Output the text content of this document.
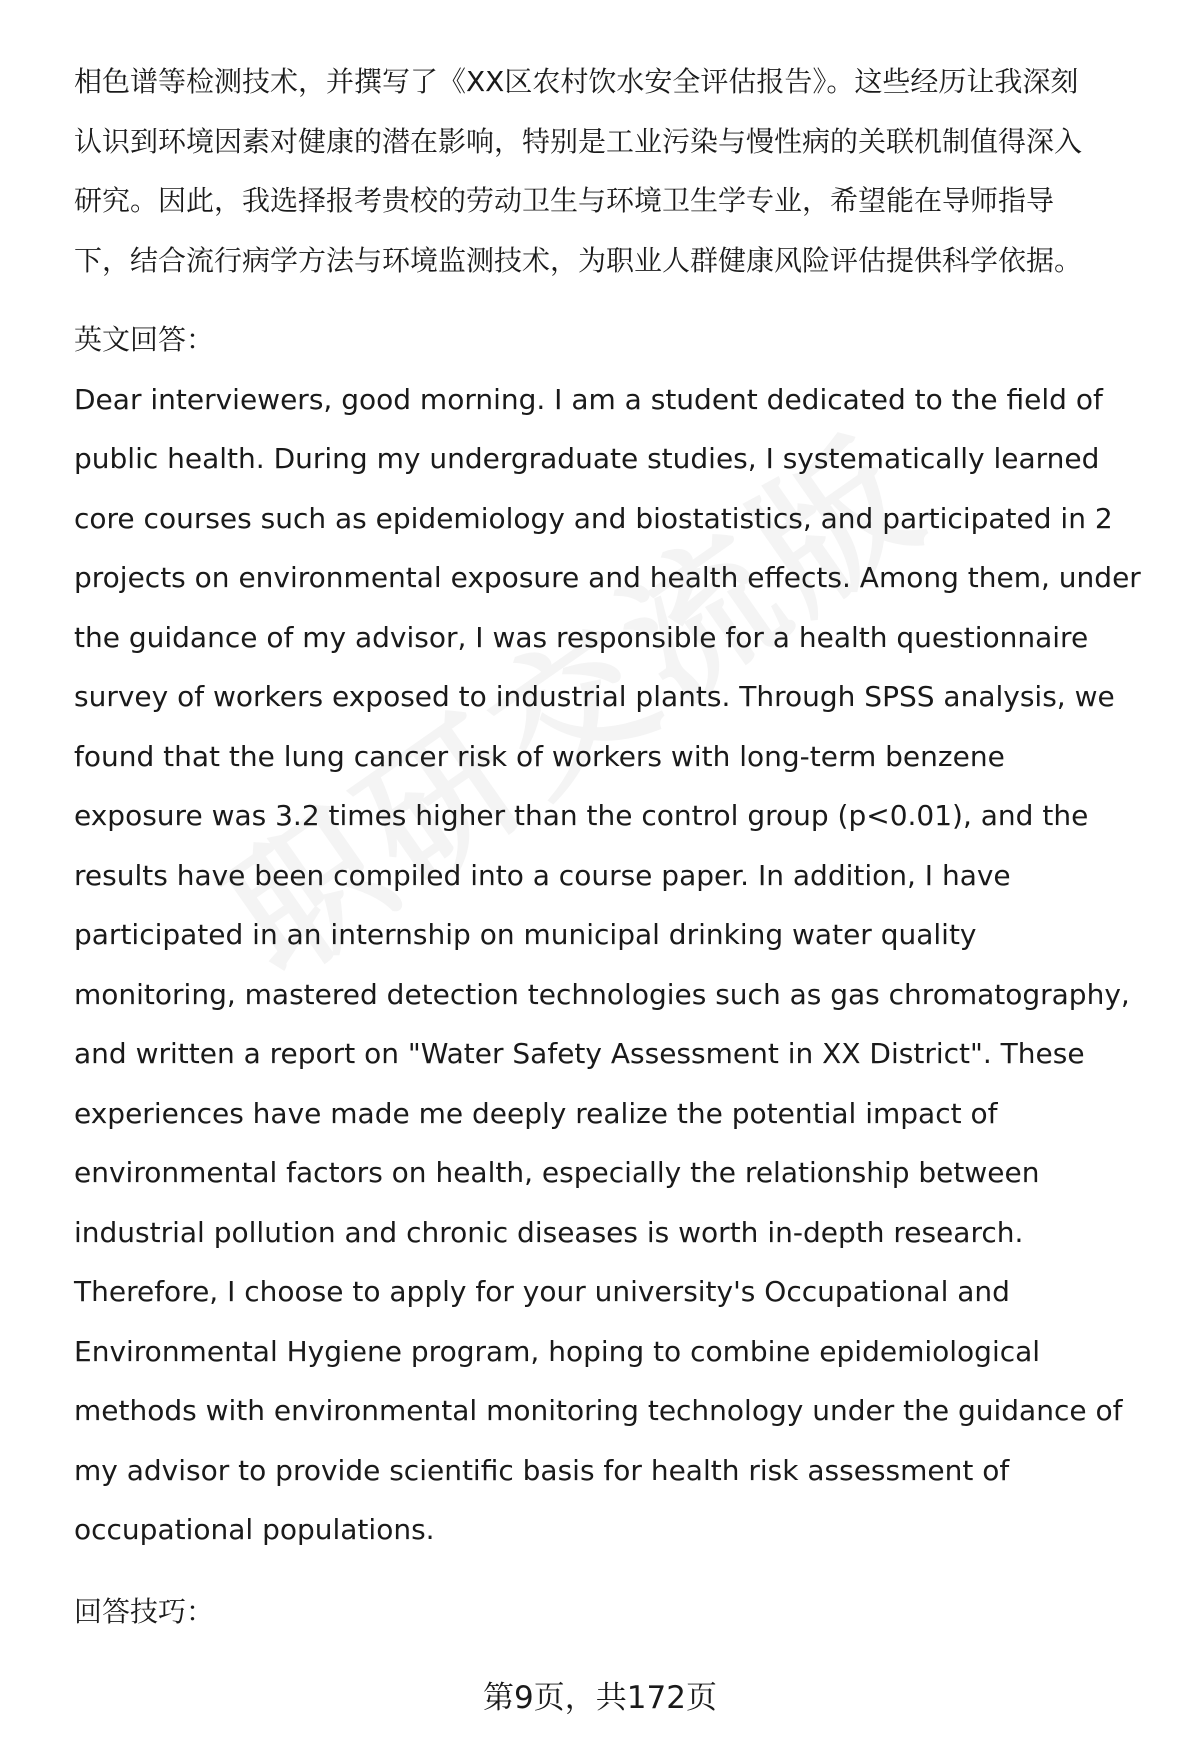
相色谱等检测技术，并撰写了《XX区农村饮水安全评估报告》。这些经历让我深刻

认识到环境因素对健康的潜在影响，特别是工业污染与慢性病的关联机制值得深入

研究。因此，我选择报考贵校的劳动卫生与环境卫生学专业，希望能在导师指导

下，结合流行病学方法与环境监测技术，为职业人群健康风险评估提供科学依据。

英文回答：

Dear interviewers, good morning. I am a student dedicated to the field of

public health. During my undergraduate studies, I systematically learned

core courses such as epidemiology and biostatistics, and participated in 2

projects on environmental exposure and health effects. Among them, under

the guidance of my advisor, I was responsible for a health questionnaire

survey of workers exposed to industrial plants. Through SPSS analysis, we

found that the lung cancer risk of workers with long-term benzene

exposure was 3.2 times higher than the control group (p<0.01), and the

results have been compiled into a course paper. In addition, I have

participated in an internship on municipal drinking water quality

monitoring, mastered detection technologies such as gas chromatography,

and written a report on "Water Safety Assessment in XX District". These

experiences have made me deeply realize the potential impact of

environmental factors on health, especially the relationship between

industrial pollution and chronic diseases is worth in-depth research.

Therefore, I choose to apply for your university's Occupational and

Environmental Hygiene program, hoping to combine epidemiological

methods with environmental monitoring technology under the guidance of

my advisor to provide scientific basis for health risk assessment of

occupational populations.

回答技巧：

第9页，共172页
